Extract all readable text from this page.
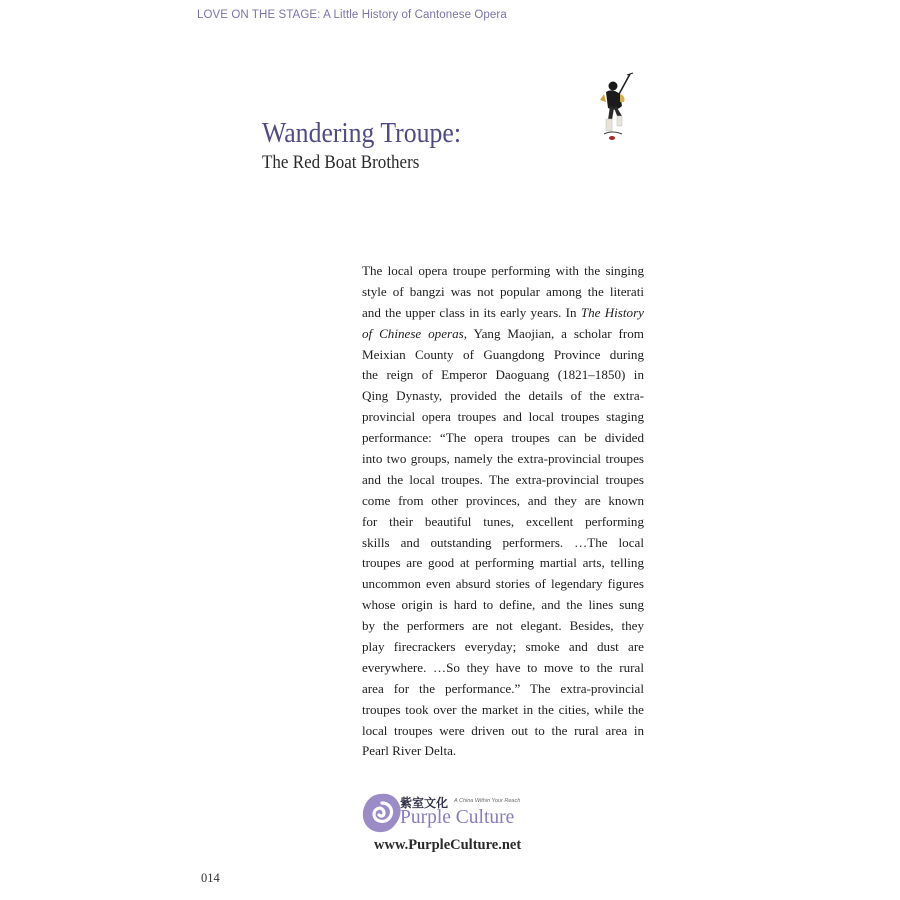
LOVE ON THE STAGE: A Little History of Cantonese Opera
Wandering Troupe:
The Red Boat Brothers
The local opera troupe performing with the singing
style of bangzi was not popular among the literati
and the upper class in its early years. In The History
of Chinese operas, Yang Maojian, a scholar from
Meixian County of Guangdong Province during
the reign of Emperor Daoguang (1821–1850) in
Qing Dynasty, provided the details of the extra-
provincial opera troupes and local troupes staging
performance: “The opera troupes can be divided
into two groups, namely the extra-provincial troupes
and the local troupes. The extra-provincial troupes
come from other provinces, and they are known
for their beautiful tunes, excellent performing
skills and outstanding performers. …The local
troupes are good at performing martial arts, telling
uncommon even absurd stories of legendary figures
whose origin is hard to define, and the lines sung
by the performers are not elegant. Besides, they
play firecrackers everyday; smoke and dust are
everywhere. …So they have to move to the rural
area for the performance.” The extra-provincial
troupes took over the market in the cities, while the
local troupes were driven out to the rural area in
Pearl River Delta.
紫室文化 A China Within Your Reach
Purple Culture
www.PurpleCulture.net
014
